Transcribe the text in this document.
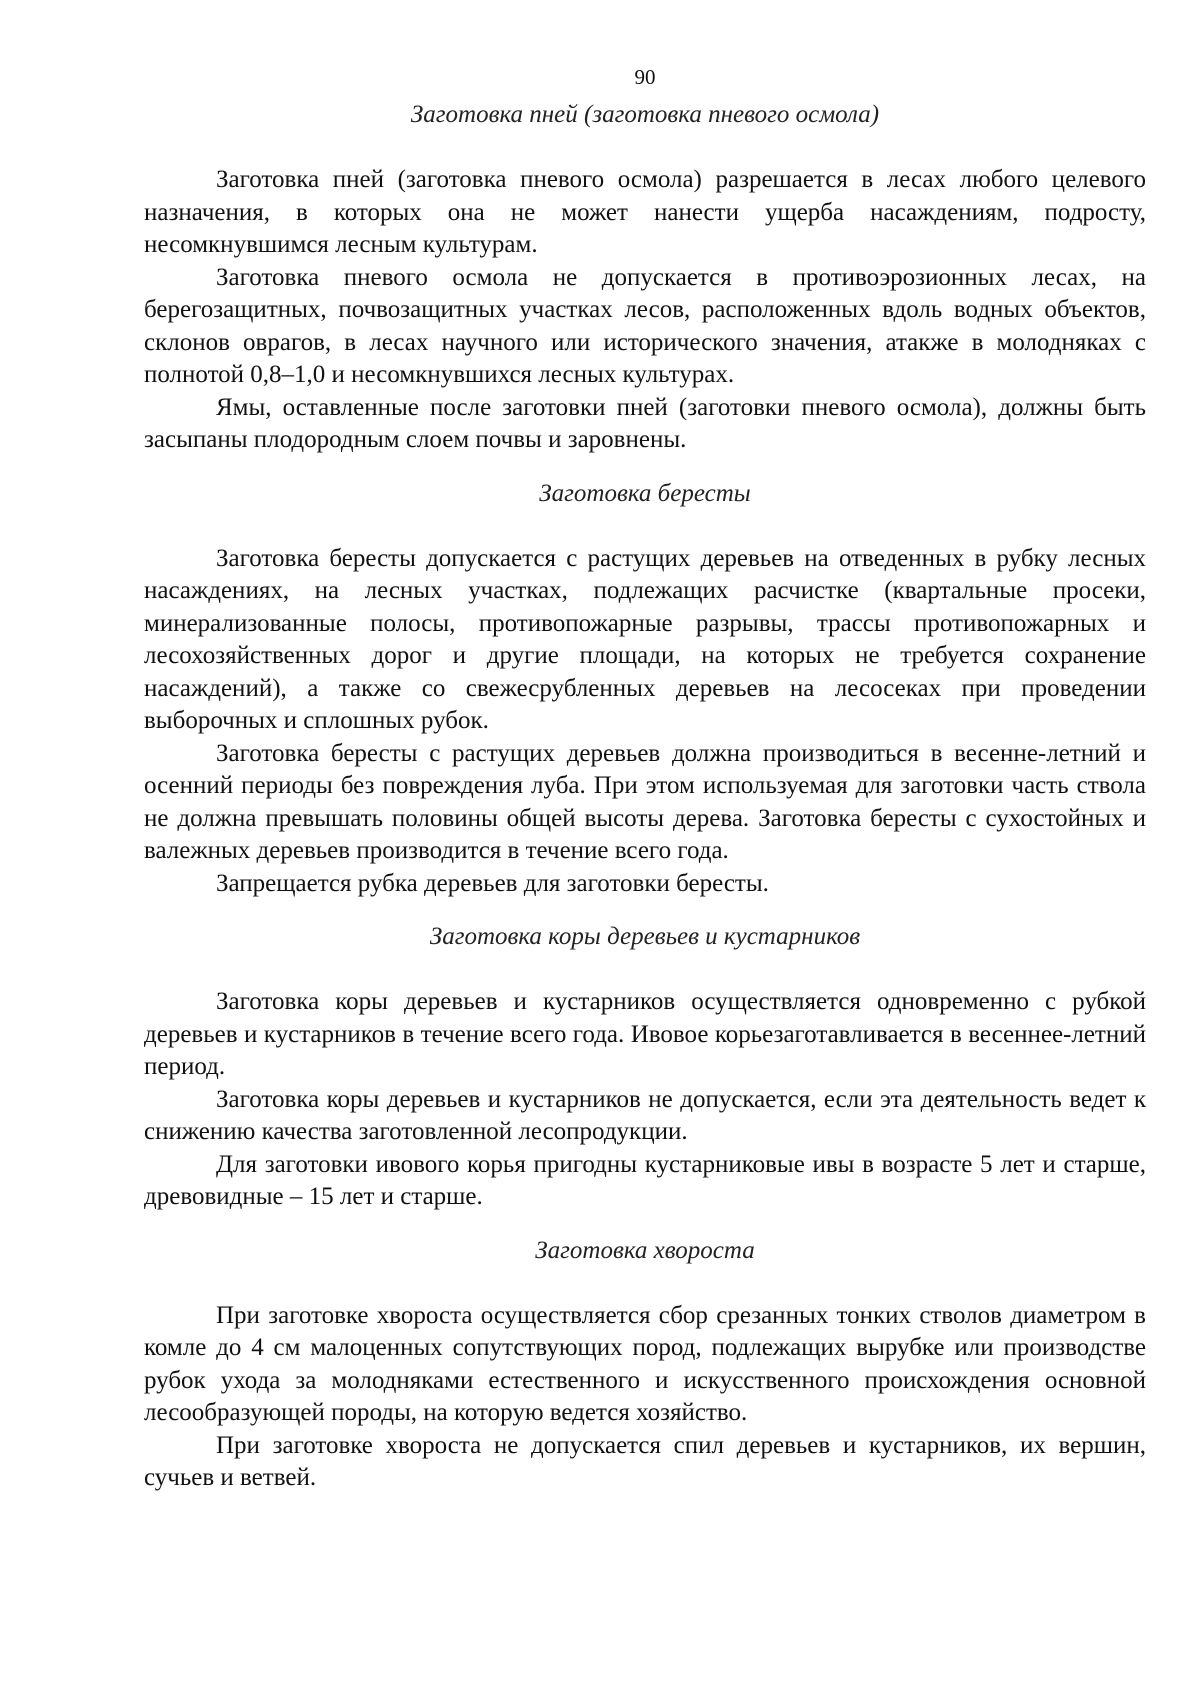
90

Заготовка пней (заготовка пневого осмола)

Заготовка пней (заготовка пневого осмола) разрешается в лесах любого целевого назначения, в которых она не может нанести ущерба насаждениям, подросту, несомкнувшимся лесным культурам.

Заготовка пневого осмола не допускается в противоэрозионных лесах, на берегозащитных, почвозащитных участках лесов, расположенных вдоль водных объектов, склонов оврагов, в лесах научного или исторического значения, атакже в молодняках с полнотой 0,8–1,0 и несомкнувшихся лесных культурах.

Ямы, оставленные после заготовки пней (заготовки пневого осмола), должны быть засыпаны плодородным слоем почвы и заровнены.

Заготовка бересты

Заготовка бересты допускается с растущих деревьев на отведенных в рубку лесных насаждениях, на лесных участках, подлежащих расчистке (квартальные просеки, минерализованные полосы, противопожарные разрывы, трассы противопожарных и лесохозяйственных дорог и другие площади, на которых не требуется сохранение насаждений), а также со свежесрубленных деревьев на лесосеках при проведении выборочных и сплошных рубок.

Заготовка бересты с растущих деревьев должна производиться в весенне-летний и осенний периоды без повреждения луба. При этом используемая для заготовки часть ствола не должна превышать половины общей высоты дерева. Заготовка бересты с сухостойных и валежных деревьев производится в течение всего года.

Запрещается рубка деревьев для заготовки бересты.

Заготовка коры деревьев и кустарников

Заготовка коры деревьев и кустарников осуществляется одновременно с рубкой деревьев и кустарников в течение всего года. Ивовое корьезаготавливается в весеннее-летний период.

Заготовка коры деревьев и кустарников не допускается, если эта деятельность ведет к снижению качества заготовленной лесопродукции.

Для заготовки ивового корья пригодны кустарниковые ивы в возрасте 5 лет и старше, древовидные – 15 лет и старше.

Заготовка хвороста

При заготовке хвороста осуществляется сбор срезанных тонких стволов диаметром в комле до 4 см малоценных сопутствующих пород, подлежащих вырубке или производстве рубок ухода за молодняками естественного и искусственного происхождения основной лесообразующей породы, на которую ведется хозяйство.

При заготовке хвороста не допускается спил деревьев и кустарников, их вершин, сучьев и ветвей.
